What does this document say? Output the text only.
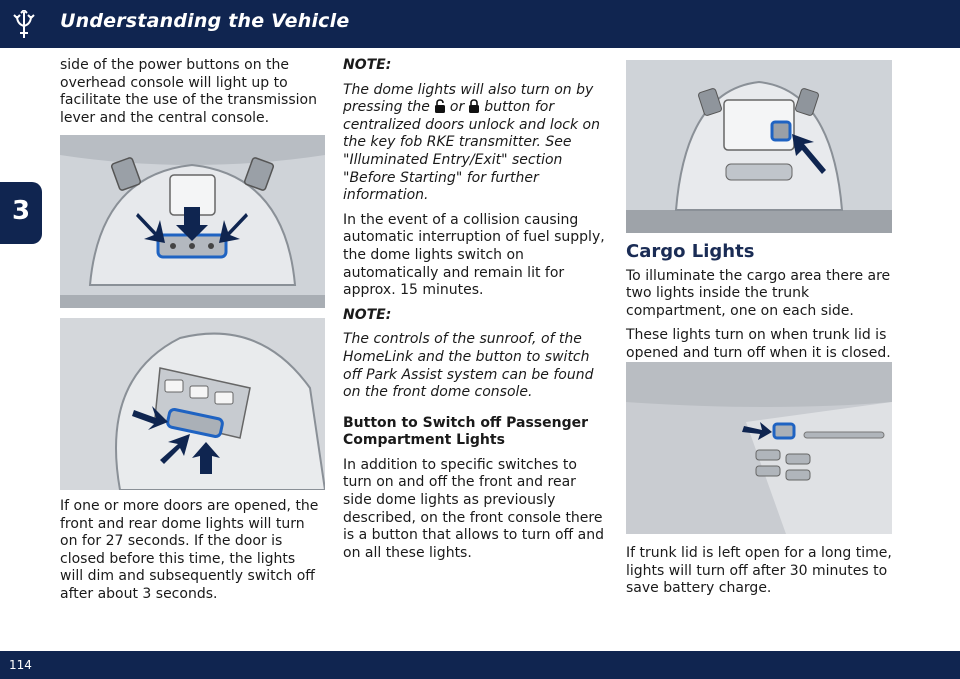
Understanding the Vehicle
3

side of the power buttons on the overhead console will light up to facilitate the use of the transmission lever and the central console.

If one or more doors are opened, the front and rear dome lights will turn on for 27 seconds. If the door is closed before this time, the lights will dim and subsequently switch off after about 3 seconds.

NOTE:

The dome lights will also turn on by pressing the or button for centralized doors unlock and lock on the key fob RKE transmitter. See "Illuminated Entry/Exit" section "Before Starting" for further information.

In the event of a collision causing automatic interruption of fuel supply, the dome lights switch on automatically and remain lit for approx. 15 minutes.

NOTE:

The controls of the sunroof, of the HomeLink and the button to switch off Park Assist system can be found on the front dome console.

Button to Switch off Passenger Compartment Lights

In addition to specific switches to turn on and off the front and rear side dome lights as previously described, on the front console there is a button that allows to turn off and on all these lights.

Cargo Lights

To illuminate the cargo area there are two lights inside the trunk compartment, one on each side.

These lights turn on when trunk lid is opened and turn off when it is closed.

If trunk lid is left open for a long time, lights will turn off after 30 minutes to save battery charge.

114
